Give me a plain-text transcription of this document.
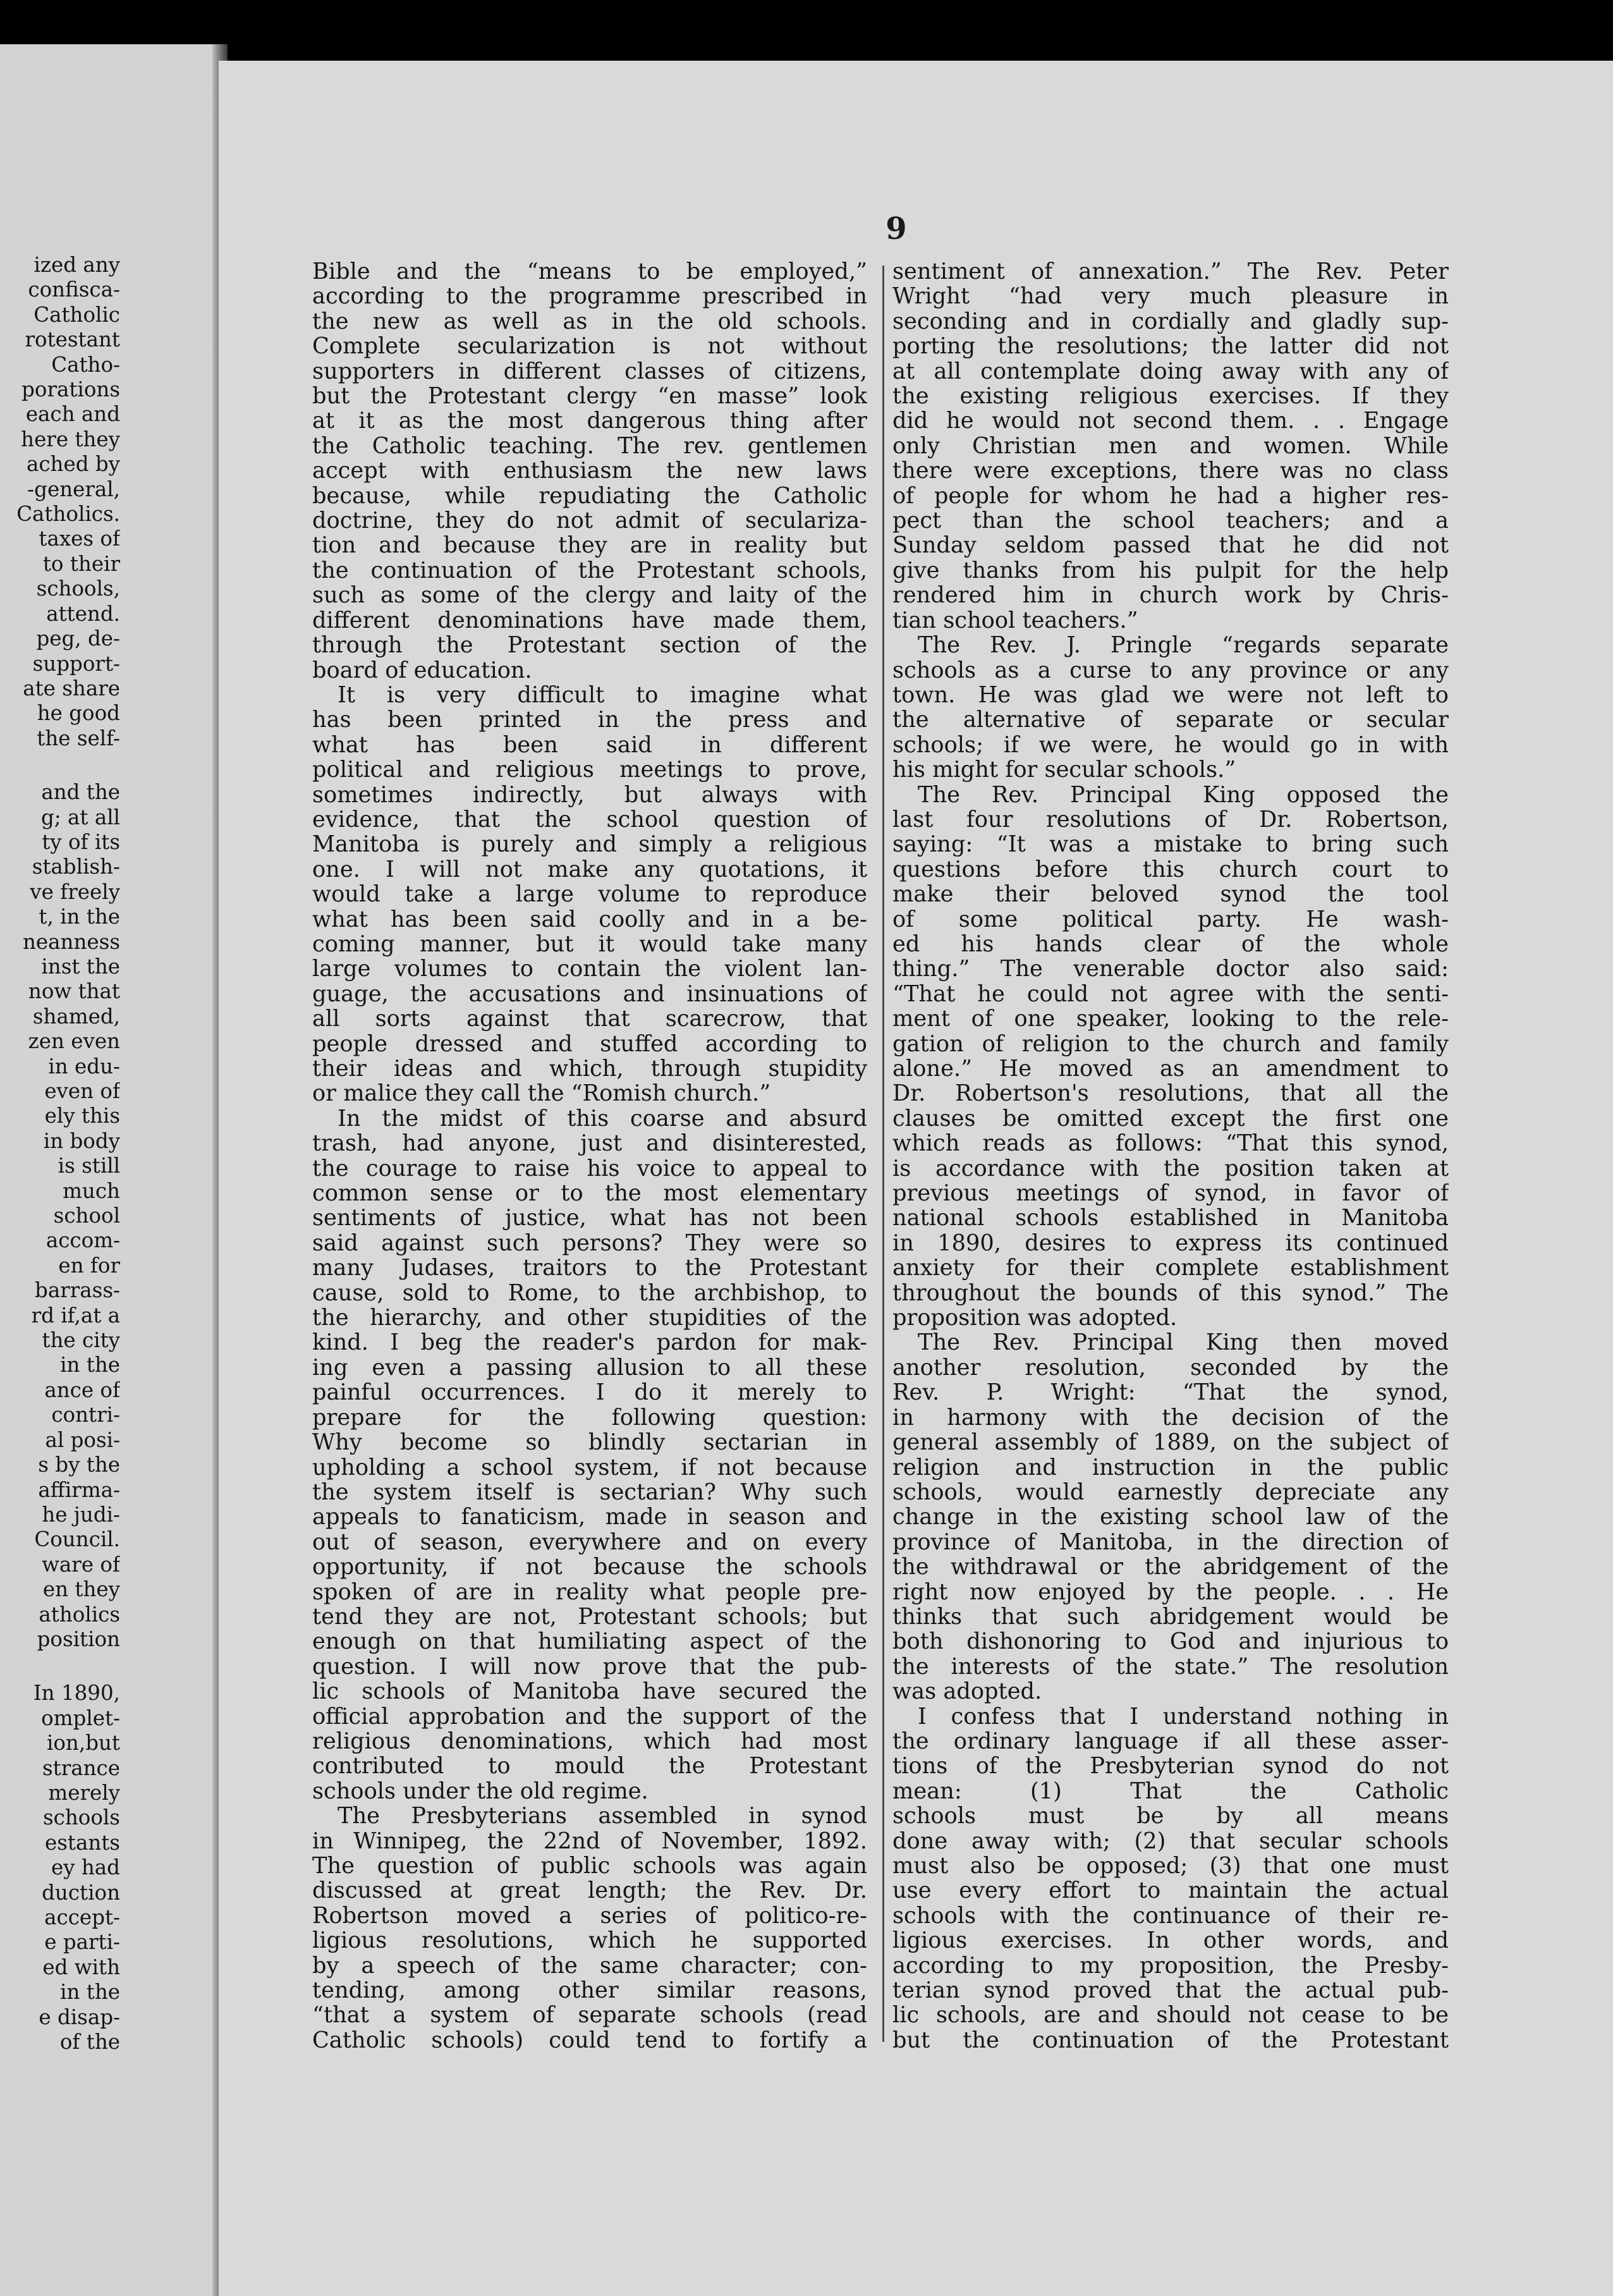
ized any
confisca-
Catholic
rotestant
Catho-
porations
each and
here they
ached by
-general,
Catholics.
taxes of
to their
schools,
attend.
peg, de-
support-
ate share
he good
the self-
and the
g; at all
ty of its
stablish-
ve freely
t, in the
neanness
inst the
now that
shamed,
zen even
in edu-
even of
ely this
in body
is still
much
school
accom-
en for
barrass-
rd if,at a
the city
in the
ance of
contri-
al posi-
s by the
affirma-
he judi-
Council.
ware of
en they
atholics
position
In 1890,
omplet-
ion,but
strance
merely
schools
estants
ey had
duction
accept-
e parti-
ed with
in the
e disap-
of the
9
Bible and the “means to be employed,”
according to the programme prescribed in
the new as well as in the old schools.
Complete secularization is not without
supporters in different classes of citizens,
but the Protestant clergy “en masse” look
at it as the most dangerous thing after
the Catholic teaching. The rev. gentlemen
accept with enthusiasm the new laws
because, while repudiating the Catholic
doctrine, they do not admit of seculariza-
tion and because they are in reality but
the continuation of the Protestant schools,
such as some of the clergy and laity of the
different denominations have made them,
through the Protestant section of the
board of education.
It is very difficult to imagine what
has been printed in the press and
what has been said in different
political and religious meetings to prove,
sometimes indirectly, but always with
evidence, that the school question of
Manitoba is purely and simply a religious
one. I will not make any quotations, it
would take a large volume to reproduce
what has been said coolly and in a be-
coming manner, but it would take many
large volumes to contain the violent lan-
guage, the accusations and insinuations of
all sorts against that scarecrow, that
people dressed and stuffed according to
their ideas and which, through stupidity
or malice they call the “Romish church.”
In the midst of this coarse and absurd
trash, had anyone, just and disinterested,
the courage to raise his voice to appeal to
common sense or to the most elementary
sentiments of justice, what has not been
said against such persons? They were so
many Judases, traitors to the Protestant
cause, sold to Rome, to the archbishop, to
the hierarchy, and other stupidities of the
kind. I beg the reader's pardon for mak-
ing even a passing allusion to all these
painful occurrences. I do it merely to
prepare for the following question:
Why become so blindly sectarian in
upholding a school system, if not because
the system itself is sectarian? Why such
appeals to fanaticism, made in season and
out of season, everywhere and on every
opportunity, if not because the schools
spoken of are in reality what people pre-
tend they are not, Protestant schools; but
enough on that humiliating aspect of the
question. I will now prove that the pub-
lic schools of Manitoba have secured the
official approbation and the support of the
religious denominations, which had most
contributed to mould the Protestant
schools under the old regime.
The Presbyterians assembled in synod
in Winnipeg, the 22nd of November, 1892.
The question of public schools was again
discussed at great length; the Rev. Dr.
Robertson moved a series of politico-re-
ligious resolutions, which he supported
by a speech of the same character; con-
tending, among other similar reasons,
“that a system of separate schools (read
Catholic schools) could tend to fortify a
sentiment of annexation.” The Rev. Peter
Wright “had very much pleasure in
seconding and in cordially and gladly sup-
porting the resolutions; the latter did not
at all contemplate doing away with any of
the existing religious exercises. If they
did he would not second them. . . Engage
only Christian men and women. While
there were exceptions, there was no class
of people for whom he had a higher res-
pect than the school teachers; and a
Sunday seldom passed that he did not
give thanks from his pulpit for the help
rendered him in church work by Chris-
tian school teachers.”
The Rev. J. Pringle “regards separate
schools as a curse to any province or any
town. He was glad we were not left to
the alternative of separate or secular
schools; if we were, he would go in with
his might for secular schools.”
The Rev. Principal King opposed the
last four resolutions of Dr. Robertson,
saying: “It was a mistake to bring such
questions before this church court to
make their beloved synod the tool
of some political party. He wash-
ed his hands clear of the whole
thing.” The venerable doctor also said:
“That he could not agree with the senti-
ment of one speaker, looking to the rele-
gation of religion to the church and family
alone.” He moved as an amendment to
Dr. Robertson's resolutions, that all the
clauses be omitted except the first one
which reads as follows: “That this synod,
is accordance with the position taken at
previous meetings of synod, in favor of
national schools established in Manitoba
in 1890, desires to express its continued
anxiety for their complete establishment
throughout the bounds of this synod.” The
proposition was adopted.
The Rev. Principal King then moved
another resolution, seconded by the
Rev. P. Wright: “That the synod,
in harmony with the decision of the
general assembly of 1889, on the subject of
religion and instruction in the public
schools, would earnestly depreciate any
change in the existing school law of the
province of Manitoba, in the direction of
the withdrawal or the abridgement of the
right now enjoyed by the people. . . He
thinks that such abridgement would be
both dishonoring to God and injurious to
the interests of the state.” The resolution
was adopted.
I confess that I understand nothing in
the ordinary language if all these asser-
tions of the Presbyterian synod do not
mean: (1) That the Catholic
schools must be by all means
done away with; (2) that secular schools
must also be opposed; (3) that one must
use every effort to maintain the actual
schools with the continuance of their re-
ligious exercises. In other words, and
according to my proposition, the Presby-
terian synod proved that the actual pub-
lic schools, are and should not cease to be
but the continuation of the Protestant
